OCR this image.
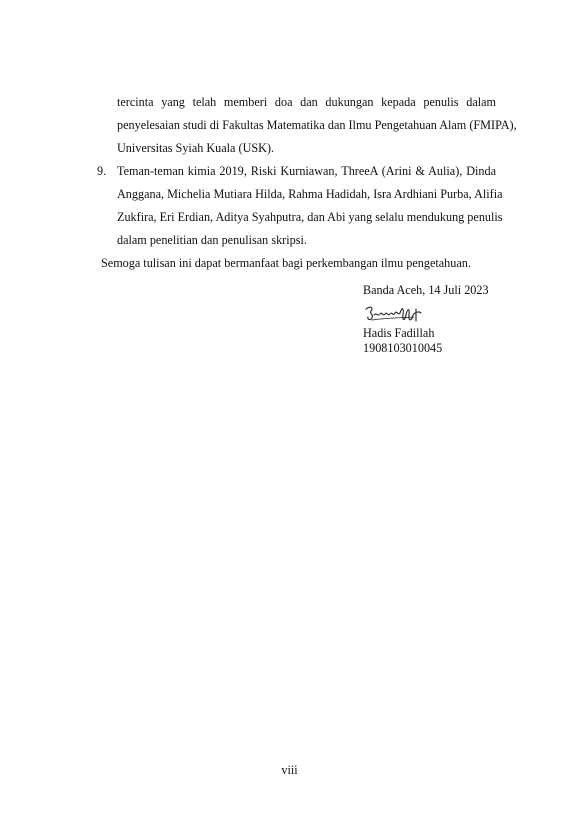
tercinta yang telah memberi doa dan dukungan kepada penulis dalam
penyelesaian studi di Fakultas Matematika dan Ilmu Pengetahuan Alam (FMIPA),
Universitas Syiah Kuala (USK).
9. Teman-teman kimia 2019, Riski Kurniawan, ThreeA (Arini & Aulia), Dinda
Anggana, Michelia Mutiara Hilda, Rahma Hadidah, Isra Ardhiani Purba, Alifia
Zukfira, Eri Erdian, Aditya Syahputra, dan Abi yang selalu mendukung penulis
dalam penelitian dan penulisan skripsi.
Semoga tulisan ini dapat bermanfaat bagi perkembangan ilmu pengetahuan.
Banda Aceh, 14 Juli 2023
Hadis Fadillah
1908103010045
viii
